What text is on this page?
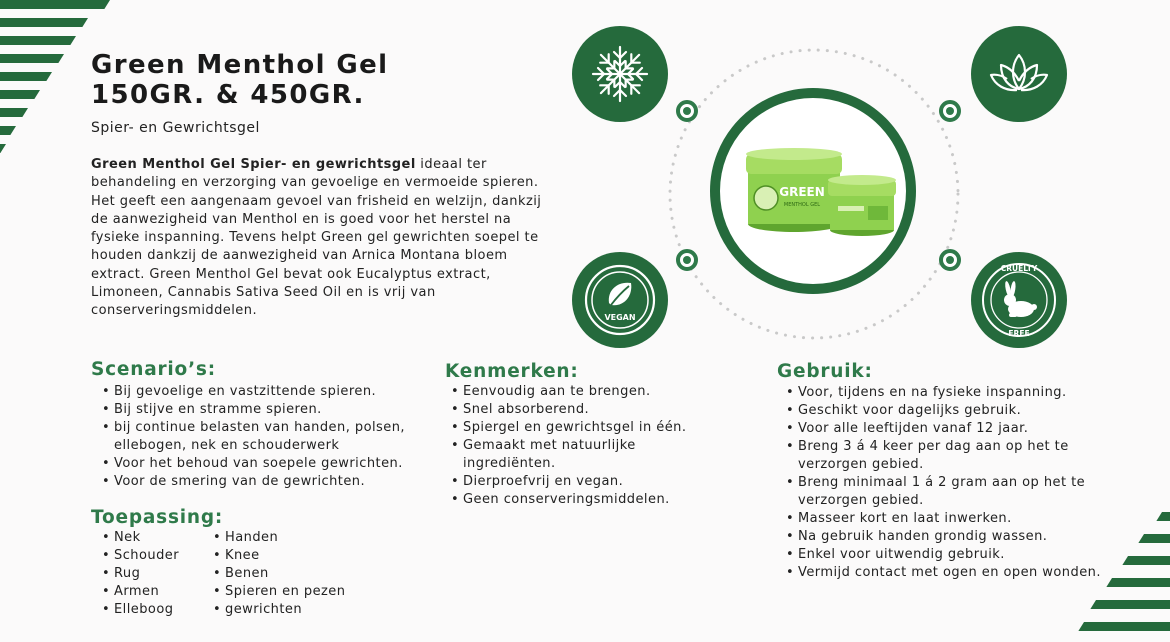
Green Menthol Gel
150GR. & 450GR.
Spier- en Gewrichtsgel
Green Menthol Gel Spier- en gewrichtsgel ideaal ter behandeling en verzorging van gevoelige en vermoeide spieren. Het geeft een aangenaam gevoel van frisheid en welzijn, dankzij de aanwezigheid van Menthol en is goed voor het herstel na fysieke inspanning. Tevens helpt Green gel gewrichten soepel te houden dankzij de aanwezigheid van Arnica Montana bloem extract. Green Menthol Gel bevat ook Eucalyptus extract, Limoneen, Cannabis Sativa Seed Oil en is vrij van conserveringsmiddelen.	VEGAN
CRUELTY
FREE
GREEN
MENTHOL GEL
Scenario’s:
• Bij gevoelige en vastzittende spieren.
• Bij stijve en stramme spieren.
• bij continue belasten van handen, polsen, ellebogen, nek en schouderwerk
• Voor het behoud van soepele gewrichten.
• Voor de smering van de gewrichten.
Toepassing:
• Nek
• Schouder
• Rug
• Armen
• Elleboog
• Handen
• Knee
• Benen
• Spieren en pezen
• gewrichten
Kenmerken:
• Eenvoudig aan te brengen.
• Snel absorberend.
• Spiergel en gewrichtsgel in één.
• Gemaakt met natuurlijke ingrediënten.
• Dierproefvrij en vegan.
• Geen conserveringsmiddelen.
Gebruik:
• Voor, tijdens en na fysieke inspanning.
• Geschikt voor dagelijks gebruik.
• Voor alle leeftijden vanaf 12 jaar.
• Breng 3 á 4 keer per dag aan op het te verzorgen gebied.
• Breng minimaal 1 á 2 gram aan op het te verzorgen gebied.
• Masseer kort en laat inwerken.
• Na gebruik handen grondig wassen.
• Enkel voor uitwendig gebruik.
• Vermijd contact met ogen en open wonden.
